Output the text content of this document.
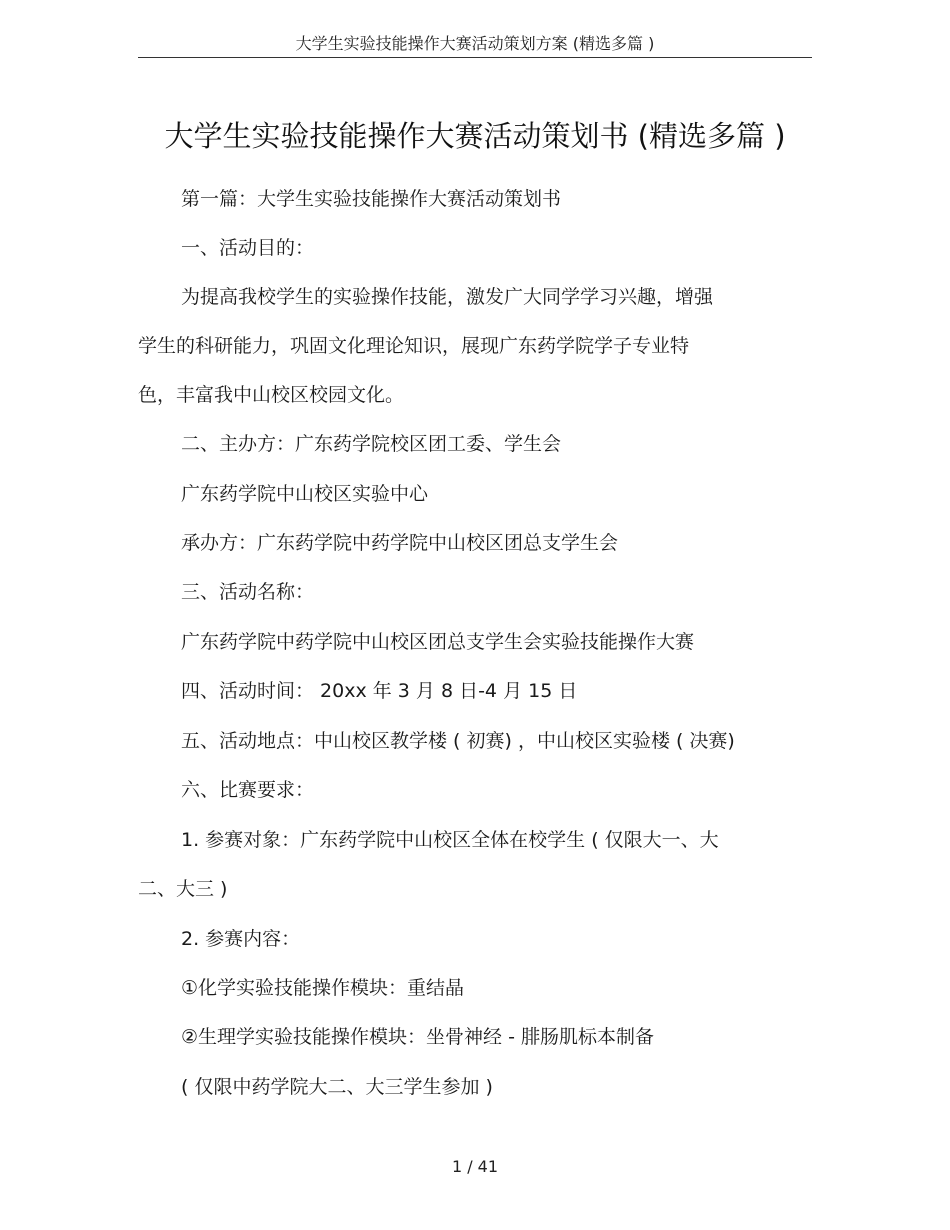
大学生实验技能操作大赛活动策划方案 (精选多篇 )
大学生实验技能操作大赛活动策划书 (精选多篇 )
第一篇：大学生实验技能操作大赛活动策划书
一、活动目的：
为提高我校学生的实验操作技能，激发广大同学学习兴趣，增强
学生的科研能力，巩固文化理论知识，展现广东药学院学子专业特
色，丰富我中山校区校园文化。
二、主办方：广东药学院校区团工委、学生会
广东药学院中山校区实验中心
承办方：广东药学院中药学院中山校区团总支学生会
三、活动名称：
广东药学院中药学院中山校区团总支学生会实验技能操作大赛
四、活动时间： 20xx 年 3 月 8 日-4 月 15 日
五、活动地点：中山校区教学楼 ( 初赛) ，中山校区实验楼 ( 决赛)
六、比赛要求：
1. 参赛对象：广东药学院中山校区全体在校学生 ( 仅限大一、大
二、大三 )
2. 参赛内容：
①化学实验技能操作模块：重结晶
②生理学实验技能操作模块：坐骨神经 - 腓肠肌标本制备
( 仅限中药学院大二、大三学生参加 )
1 / 41
